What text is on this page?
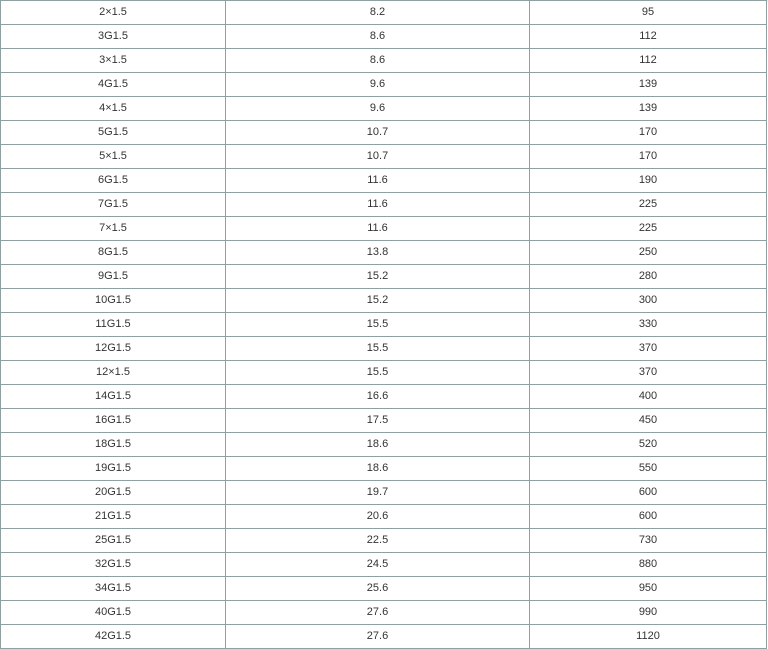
2×1.5	8.2	95
3G1.5	8.6	112
3×1.5	8.6	112
4G1.5	9.6	139
4×1.5	9.6	139
5G1.5	10.7	170
5×1.5	10.7	170
6G1.5	11.6	190
7G1.5	11.6	225
7×1.5	11.6	225
8G1.5	13.8	250
9G1.5	15.2	280
10G1.5	15.2	300
11G1.5	15.5	330
12G1.5	15.5	370
12×1.5	15.5	370
14G1.5	16.6	400
16G1.5	17.5	450
18G1.5	18.6	520
19G1.5	18.6	550
20G1.5	19.7	600
21G1.5	20.6	600
25G1.5	22.5	730
32G1.5	24.5	880
34G1.5	25.6	950
40G1.5	27.6	990
42G1.5	27.6	1120
